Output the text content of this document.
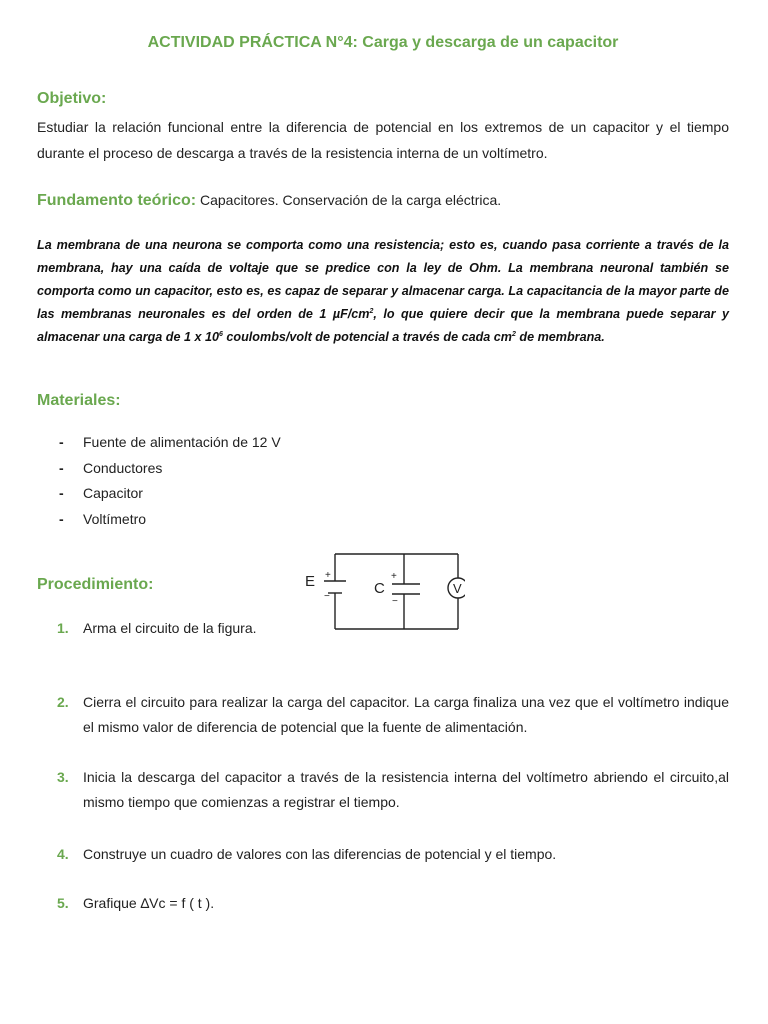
ACTIVIDAD PRÁCTICA N°4: Carga y descarga de un capacitor
Objetivo:
Estudiar la relación funcional entre la diferencia de potencial en los extremos de un capacitor y el tiempo durante el proceso de descarga a través de la resistencia interna de un voltímetro.
Fundamento teórico: Capacitores. Conservación de la carga eléctrica.
La membrana de una neurona se comporta como una resistencia; esto es, cuando pasa corriente a través de la membrana, hay una caída de voltaje que se predice con la ley de Ohm. La membrana neuronal también se comporta como un capacitor, esto es, es capaz de separar y almacenar carga. La capacitancia de la mayor parte de las membranas neuronales es del orden de 1 $\mu F/cm^2$, lo que quiere decir que la membrana puede separar y almacenar una carga de 1 x $10^6$ coulombs/volt de potencial a través de cada $cm^2$ de membrana.
Materiales:
- Fuente de alimentación de 12 V
- Conductores
- Capacitor
- Voltímetro
Procedimiento:	E +
−	C
+
−
V
1. Arma el circuito de la figura.
2. Cierra el circuito para realizar la carga del capacitor. La carga finaliza una vez que el voltímetro indique el mismo valor de diferencia de potencial que la fuente de alimentación.
3. Inicia la descarga del capacitor a través de la resistencia interna del voltímetro abriendo el circuito,al mismo tiempo que comienzas a registrar el tiempo.
4. Construye un cuadro de valores con las diferencias de potencial y el tiempo.
5. Grafique ∆Vc = f ( t ).
